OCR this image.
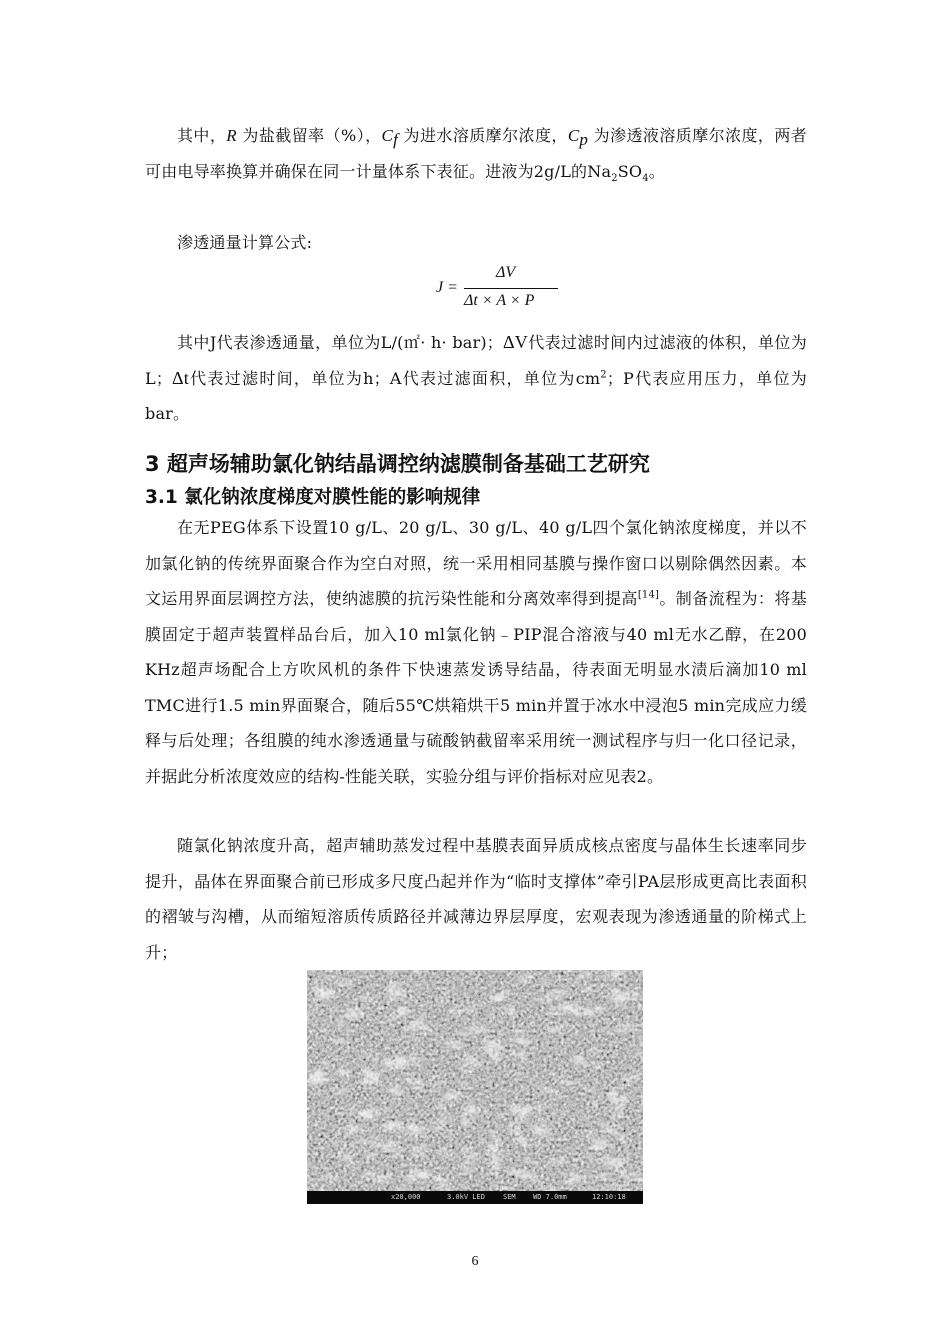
其中，R 为盐截留率（%），$C_f$ 为进水溶质摩尔浓度，$C_p$ 为渗透液溶质摩尔浓度，两者可由电导率换算并确保在同一计量体系下表征。进液为2g/L的$Na_2SO_4$。

渗透通量计算公式:

J =
ΔV
Δt × A × P

其中J代表渗透通量，单位为L/(㎡· h· bar)；ΔV代表过滤时间内过滤液的体积，单位为L；Δt代表过滤时间，单位为h；A代表过滤面积，单位为$cm^2$；P代表应用压力，单位为bar。

3 超声场辅助氯化钠结晶调控纳滤膜制备基础工艺研究
3.1 氯化钠浓度梯度对膜性能的影响规律

在无PEG体系下设置10 g/L、20 g/L、30 g/L、40 g/L四个氯化钠浓度梯度，并以不加氯化钠的传统界面聚合作为空白对照，统一采用相同基膜与操作窗口以剔除偶然因素。本文运用界面层调控方法，使纳滤膜的抗污染性能和分离效率得到提高[14]。制备流程为：将基膜固定于超声装置样品台后，加入10 ml氯化钠﹣PIP混合溶液与40 ml无水乙醇，在200 KHz超声场配合上方吹风机的条件下快速蒸发诱导结晶，待表面无明显水渍后滴加10 ml TMC进行1.5 min界面聚合，随后55℃烘箱烘干5 min并置于冰水中浸泡5 min完成应力缓释与后处理；各组膜的纯水渗透通量与硫酸钠截留率采用统一测试程序与归一化口径记录，并据此分析浓度效应的结构-性能关联，实验分组与评价指标对应见表2。

随氯化钠浓度升高，超声辅助蒸发过程中基膜表面异质成核点密度与晶体生长速率同步提升，晶体在界面聚合前已形成多尺度凸起并作为“临时支撑体”牵引PA层形成更高比表面积的褶皱与沟槽，从而缩短溶质传质路径并减薄边界层厚度，宏观表现为渗透通量的阶梯式上升；

x20,000	3.0kV LED	SEM
1μm	JEOL
WD 7.0mm
4/23/2026
12:10:18
6
